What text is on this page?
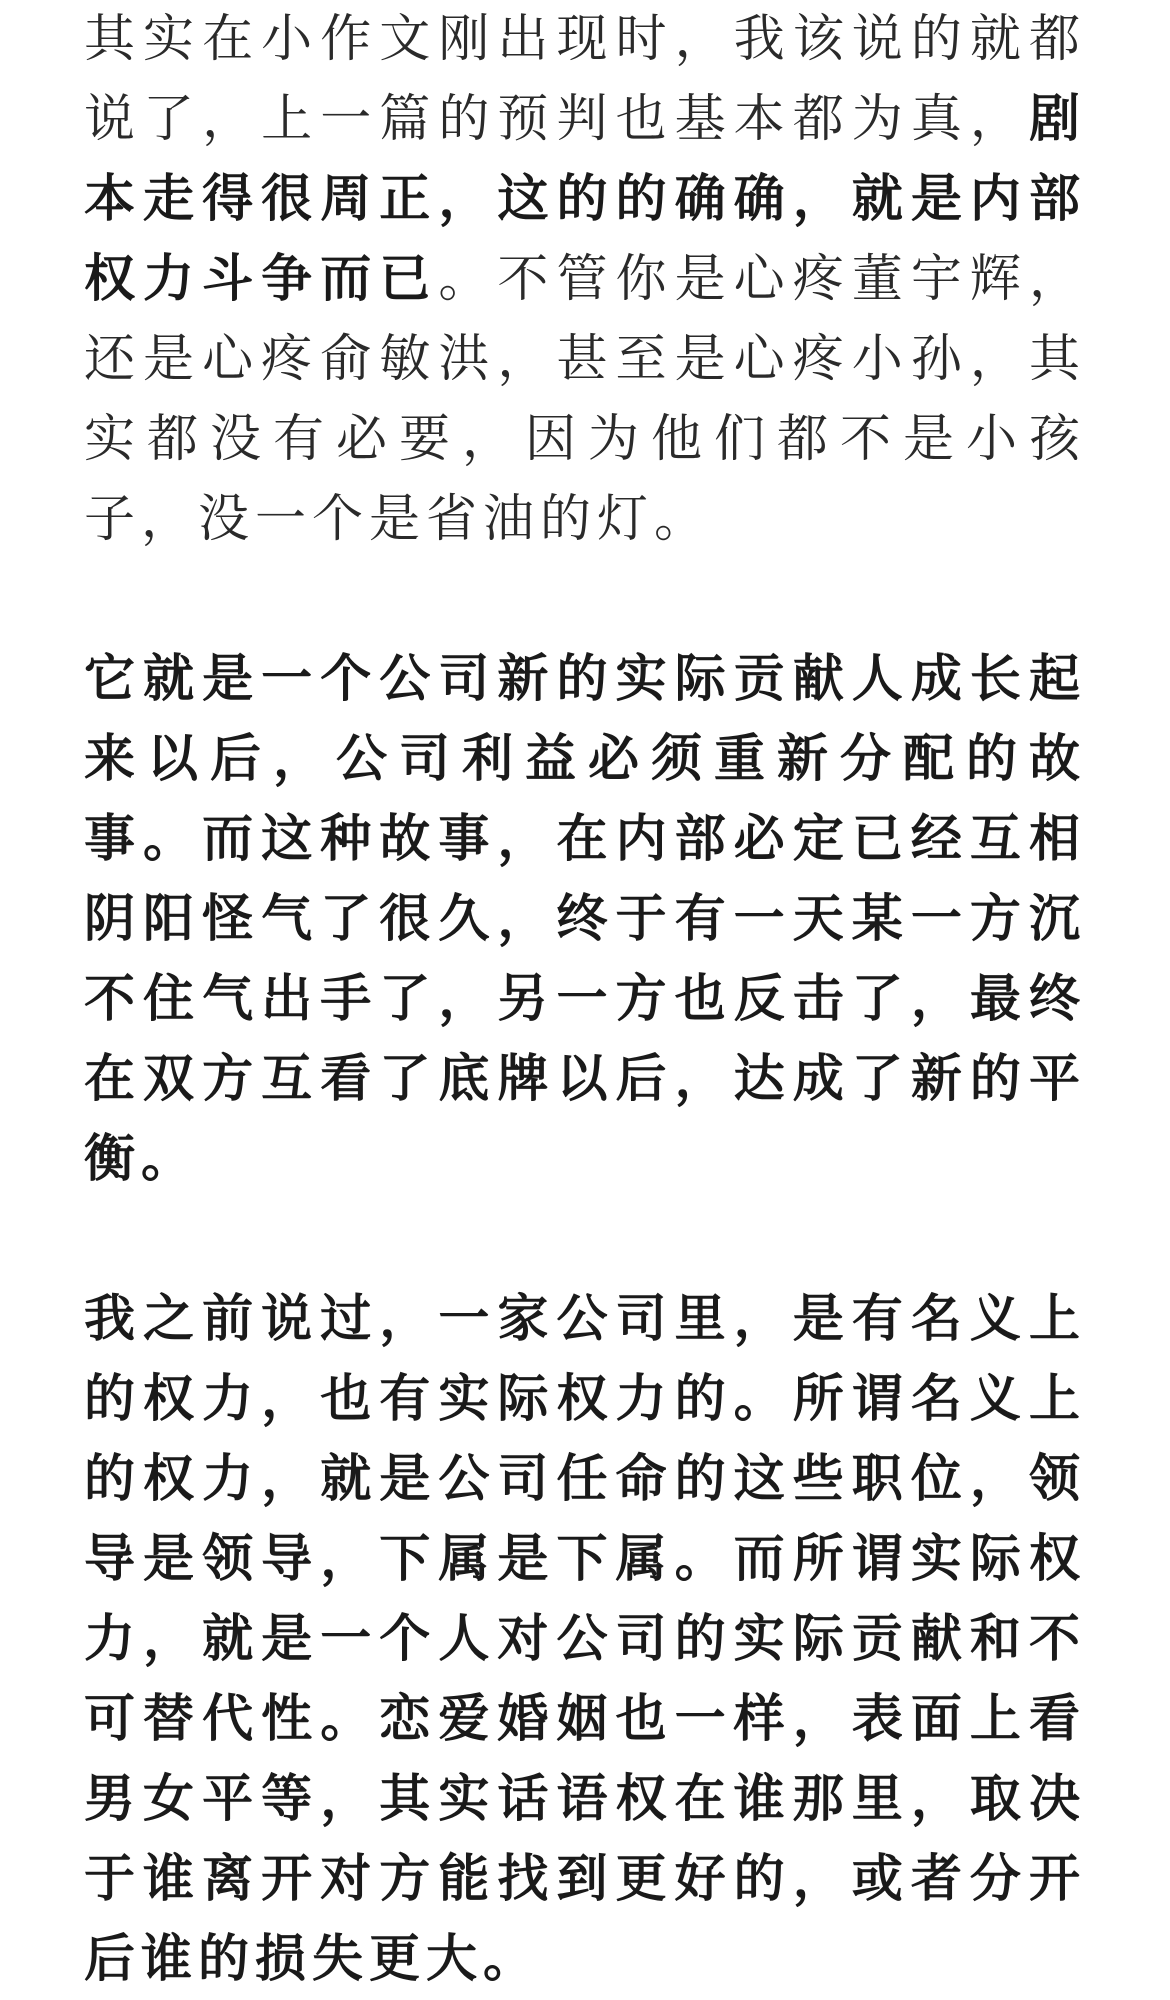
其实在小作文刚出现时，我该说的就都说了，上一篇的预判也基本都为真，剧本走得很周正，这的的确确，就是内部权力斗争而已。不管你是心疼董宇辉，还是心疼俞敏洪，甚至是心疼小孙，其实都没有必要，因为他们都不是小孩子，没一个是省油的灯。

它就是一个公司新的实际贡献人成长起来以后，公司利益必须重新分配的故事。而这种故事，在内部必定已经互相阴阳怪气了很久，终于有一天某一方沉不住气出手了，另一方也反击了，最终在双方互看了底牌以后，达成了新的平衡。

我之前说过，一家公司里，是有名义上的权力，也有实际权力的。所谓名义上的权力，就是公司任命的这些职位，领导是领导，下属是下属。而所谓实际权力，就是一个人对公司的实际贡献和不可替代性。恋爱婚姻也一样，表面上看男女平等，其实话语权在谁那里，取决于谁离开对方能找到更好的，或者分开后谁的损失更大。
